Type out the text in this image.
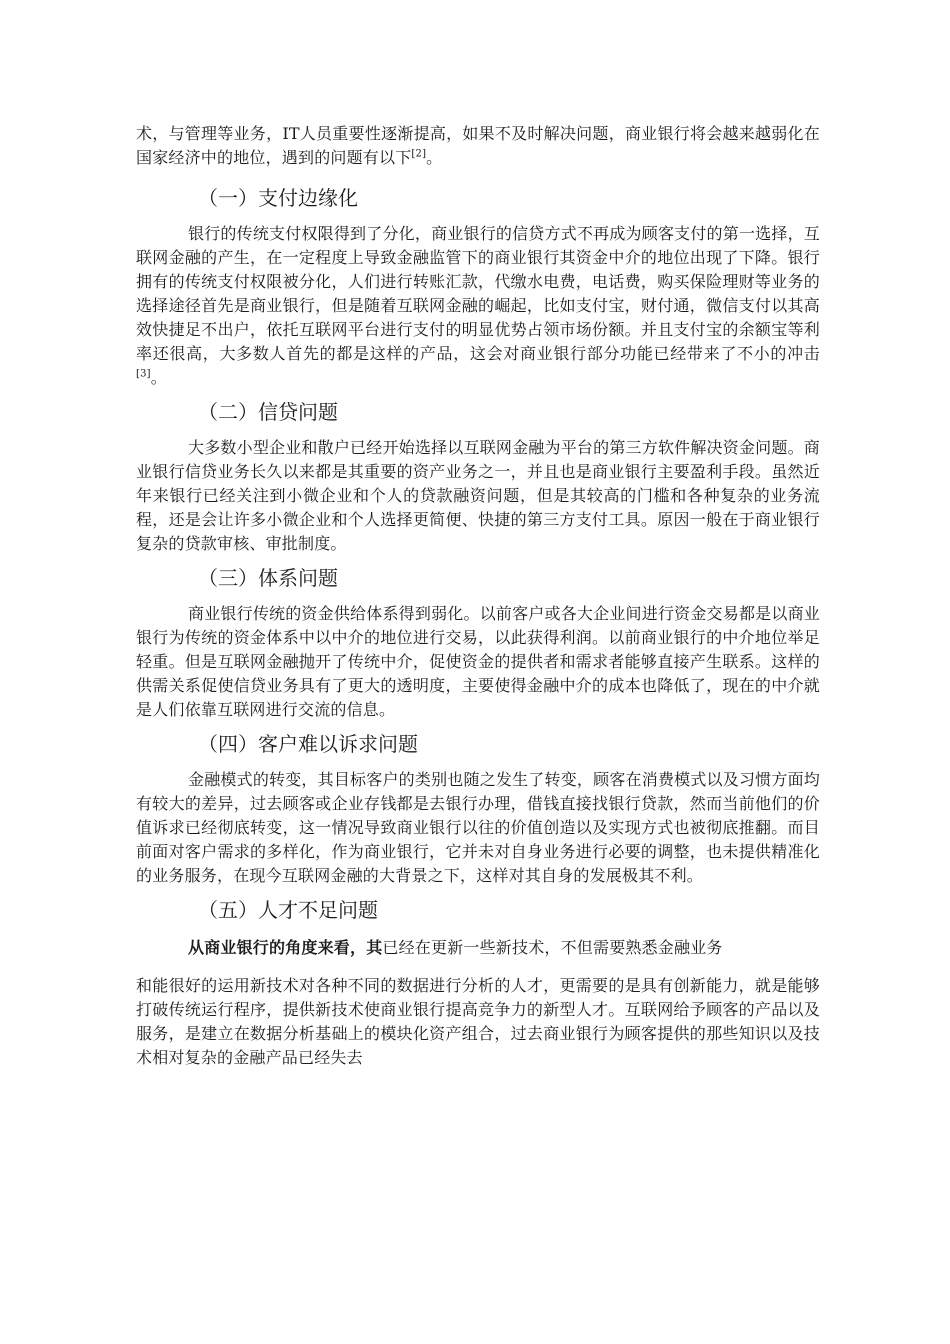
术，与管理等业务，IT人员重要性逐渐提高，如果不及时解决问题，商业银行将会越来越弱化在国家经济中的地位，遇到的问题有以下[2]。

（一）支付边缘化

银行的传统支付权限得到了分化，商业银行的信贷方式不再成为顾客支付的第一选择，互联网金融的产生，在一定程度上导致金融监管下的商业银行其资金中介的地位出现了下降。银行拥有的传统支付权限被分化，人们进行转账汇款，代缴水电费，电话费，购买保险理财等业务的选择途径首先是商业银行，但是随着互联网金融的崛起，比如支付宝，财付通，微信支付以其高效快捷足不出户，依托互联网平台进行支付的明显优势占领市场份额。并且支付宝的余额宝等利率还很高，大多数人首先的都是这样的产品，这会对商业银行部分功能已经带来了不小的冲击[3]。

（二）信贷问题

大多数小型企业和散户已经开始选择以互联网金融为平台的第三方软件解决资金问题。商业银行信贷业务长久以来都是其重要的资产业务之一，并且也是商业银行主要盈利手段。虽然近年来银行已经关注到小微企业和个人的贷款融资问题，但是其较高的门槛和各种复杂的业务流程，还是会让许多小微企业和个人选择更简便、快捷的第三方支付工具。原因一般在于商业银行复杂的贷款审核、审批制度。

（三）体系问题

商业银行传统的资金供给体系得到弱化。以前客户或各大企业间进行资金交易都是以商业银行为传统的资金体系中以中介的地位进行交易，以此获得利润。以前商业银行的中介地位举足轻重。但是互联网金融抛开了传统中介，促使资金的提供者和需求者能够直接产生联系。这样的供需关系促使信贷业务具有了更大的透明度，主要使得金融中介的成本也降低了，现在的中介就是人们依靠互联网进行交流的信息。

（四）客户难以诉求问题

金融模式的转变，其目标客户的类别也随之发生了转变，顾客在消费模式以及习惯方面均有较大的差异，过去顾客或企业存钱都是去银行办理，借钱直接找银行贷款，然而当前他们的价值诉求已经彻底转变，这一情况导致商业银行以往的价值创造以及实现方式也被彻底推翻。而目前面对客户需求的多样化，作为商业银行，它并未对自身业务进行必要的调整，也未提供精准化的业务服务，在现今互联网金融的大背景之下，这样对其自身的发展极其不利。

（五）人才不足问题

从商业银行的角度来看，其已经在更新一些新技术，不但需要熟悉金融业务

和能很好的运用新技术对各种不同的数据进行分析的人才，更需要的是具有创新能力，就是能够打破传统运行程序，提供新技术使商业银行提高竞争力的新型人才。互联网给予顾客的产品以及服务，是建立在数据分析基础上的模块化资产组合，过去商业银行为顾客提供的那些知识以及技术相对复杂的金融产品已经失去
